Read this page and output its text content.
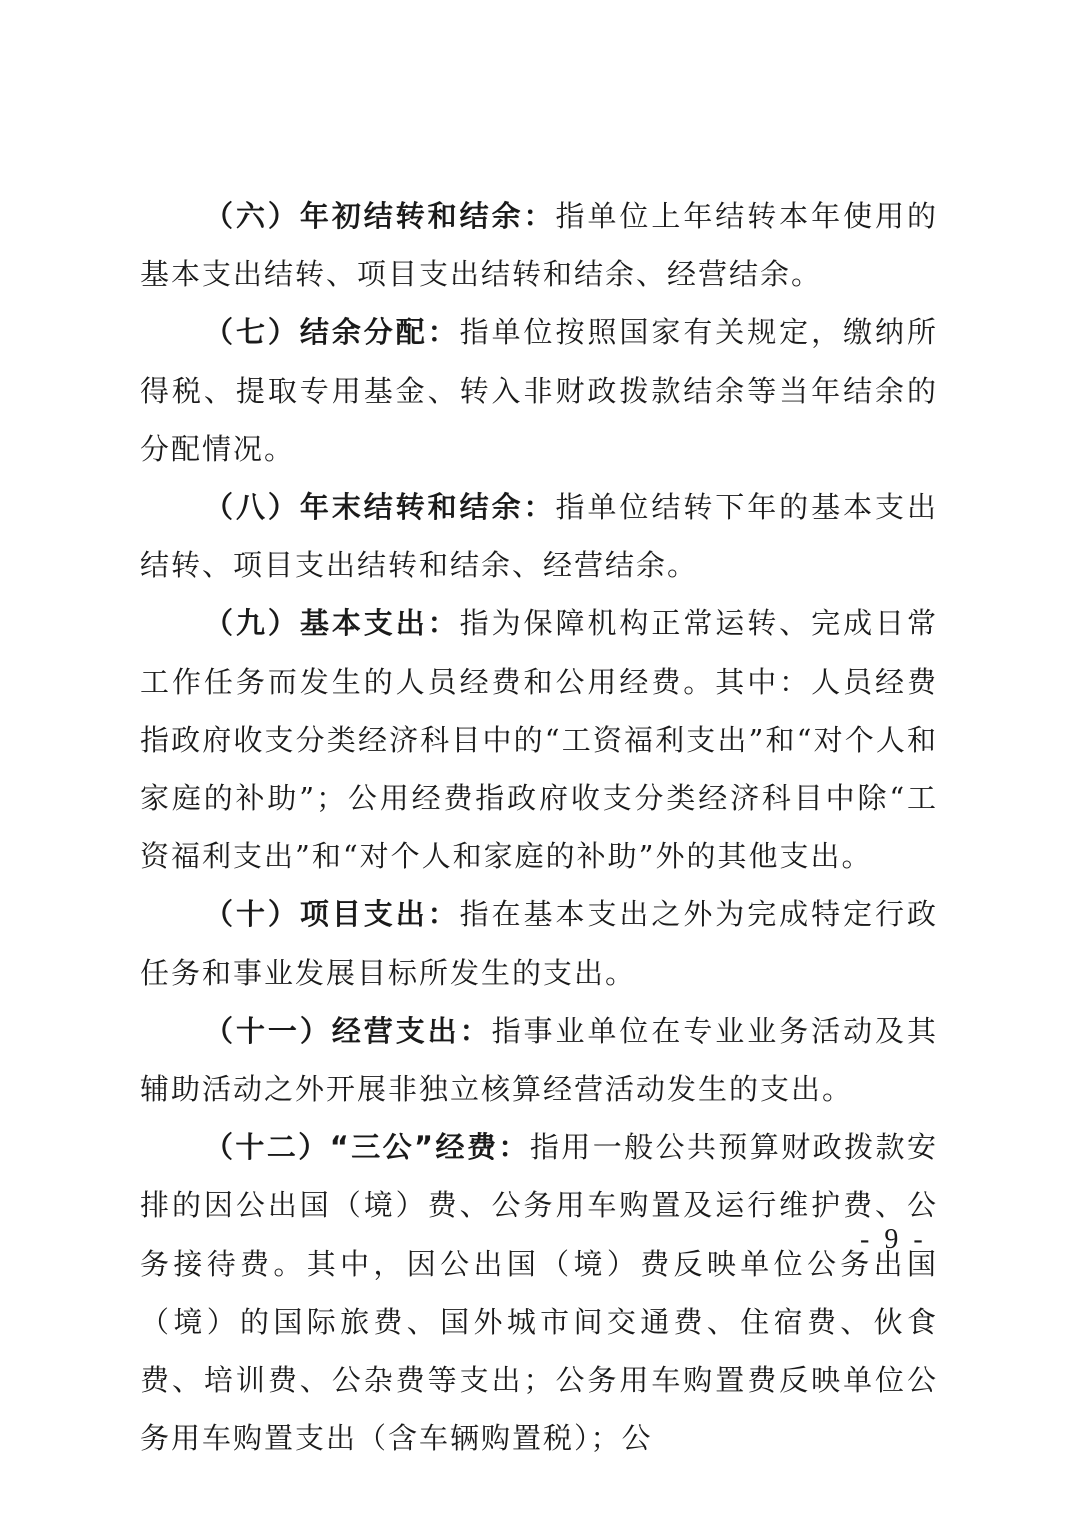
（六）年初结转和结余：指单位上年结转本年使用的基本支出结转、项目支出结转和结余、经营结余。

（七）结余分配：指单位按照国家有关规定，缴纳所得税、提取专用基金、转入非财政拨款结余等当年结余的分配情况。

（八）年末结转和结余：指单位结转下年的基本支出结转、项目支出结转和结余、经营结余。

（九）基本支出：指为保障机构正常运转、完成日常工作任务而发生的人员经费和公用经费。其中：人员经费指政府收支分类经济科目中的“工资福利支出”和“对个人和家庭的补助”；公用经费指政府收支分类经济科目中除“工资福利支出”和“对个人和家庭的补助”外的其他支出。

（十）项目支出：指在基本支出之外为完成特定行政任务和事业发展目标所发生的支出。

（十一）经营支出：指事业单位在专业业务活动及其辅助活动之外开展非独立核算经营活动发生的支出。

（十二）“三公”经费：指用一般公共预算财政拨款安排的因公出国（境）费、公务用车购置及运行维护费、公务接待费。其中，因公出国（境）费反映单位公务出国（境）的国际旅费、国外城市间交通费、住宿费、伙食费、培训费、公杂费等支出；公务用车购置费反映单位公务用车购置支出（含车辆购置税）；公

- 9 -
